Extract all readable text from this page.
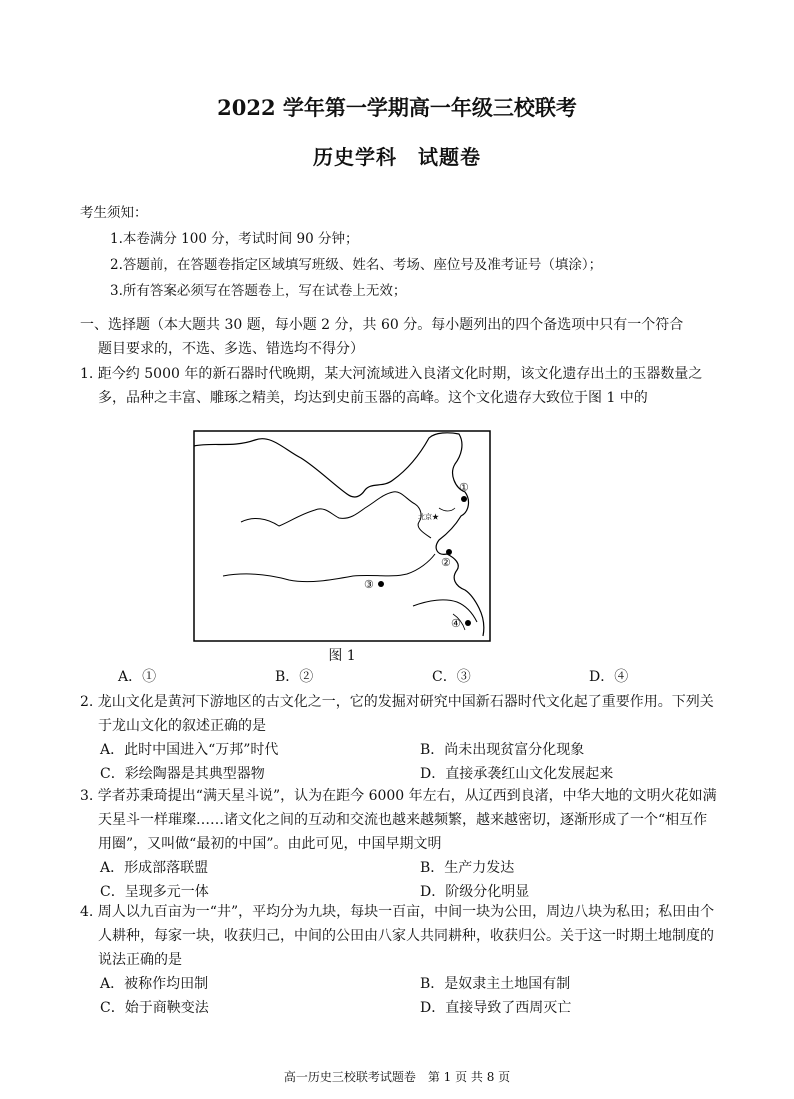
2022 学年第一学期高一年级三校联考
历史学科　试题卷
考生须知：
1.本卷满分 100 分，考试时间 90 分钟；
2.答题前，在答题卷指定区域填写班级、姓名、考场、座位号及准考证号（填涂）；
3.所有答案必须写在答题卷上，写在试卷上无效；
一、选择题（本大题共 30 题，每小题 2 分，共 60 分。每小题列出的四个备选项中只有一个符合
题目要求的，不选、多选、错选均不得分）
1. 距今约 5000 年的新石器时代晚期，某大河流域进入良渚文化时期，该文化遗存出土的玉器数量之多，品种之丰富、雕琢之精美，均达到史前玉器的高峰。这个文化遗存大致位于图 1 中的
①
②
③
④
北京★
图 1
A．①	B．②	C．③	D．④
2. 龙山文化是黄河下游地区的古文化之一，它的发掘对研究中国新石器时代文化起了重要作用。下列关于龙山文化的叙述正确的是
A．此时中国进入“万邦”时代	B．尚未出现贫富分化现象
C．彩绘陶器是其典型器物	D．直接承袭红山文化发展起来
3. 学者苏秉琦提出“满天星斗说”，认为在距今 6000 年左右，从辽西到良渚，中华大地的文明火花如满天星斗一样璀璨……诸文化之间的互动和交流也越来越频繁，越来越密切，逐渐形成了一个“相互作用圈”，又叫做“最初的中国”。由此可见，中国早期文明
A．形成部落联盟	B．生产力发达
C．呈现多元一体	D．阶级分化明显
4. 周人以九百亩为一“井”，平均分为九块，每块一百亩，中间一块为公田，周边八块为私田；私田由个人耕种，每家一块，收获归己，中间的公田由八家人共同耕种，收获归公。关于这一时期土地制度的说法正确的是
A．被称作均田制	B．是奴隶主土地国有制
C．始于商鞅变法	D．直接导致了西周灭亡
高一历史三校联考试题卷　第 1 页 共 8 页
